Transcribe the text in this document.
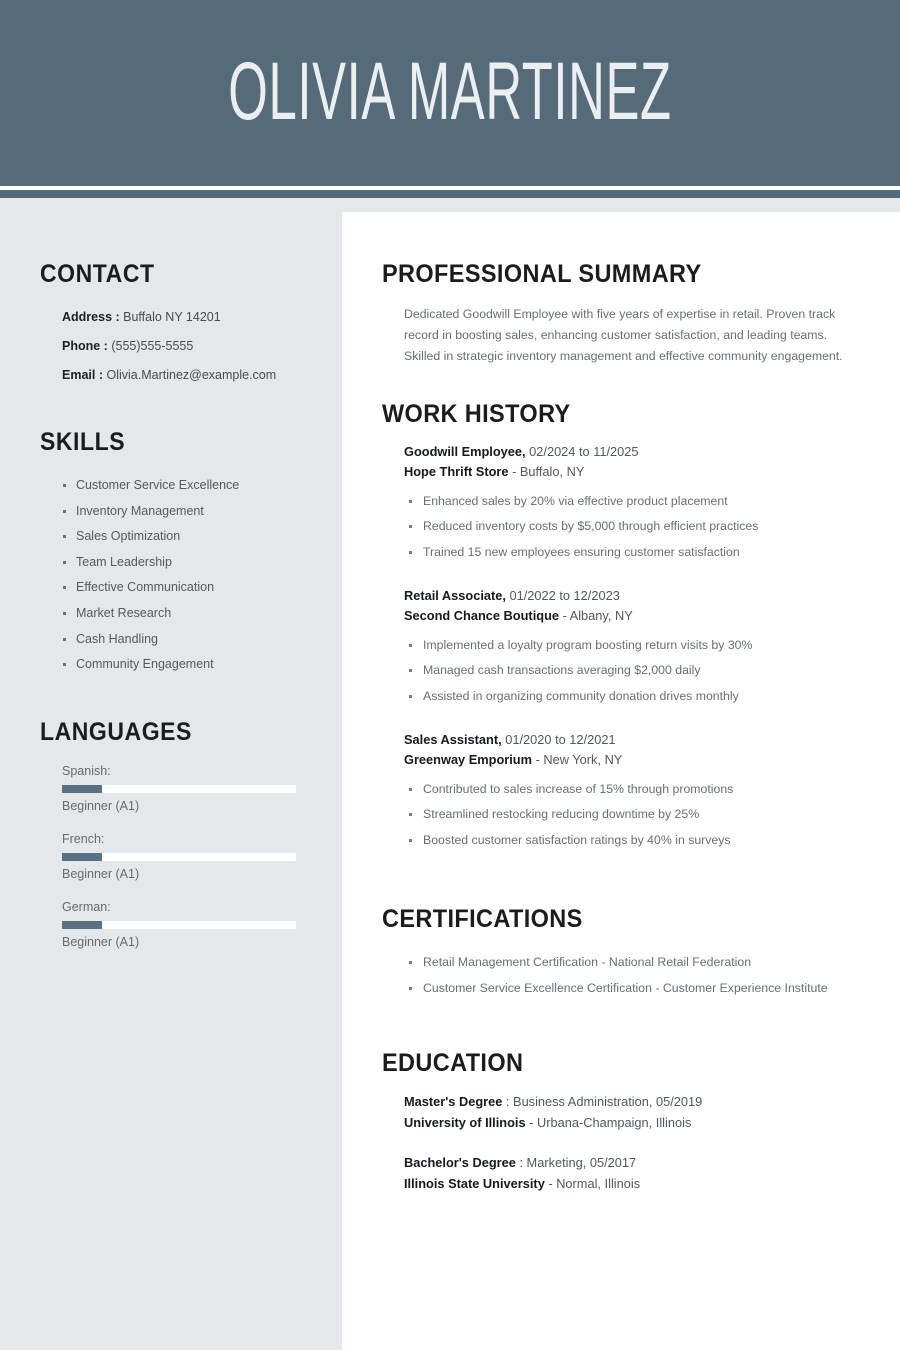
OLIVIA MARTINEZ
CONTACT
Address : Buffalo NY 14201
Phone : (555)555-5555
Email : Olivia.Martinez@example.com
SKILLS
Customer Service Excellence
Inventory Management
Sales Optimization
Team Leadership
Effective Communication
Market Research
Cash Handling
Community Engagement
LANGUAGES
Spanish:
Beginner (A1)
French:
Beginner (A1)
German:
Beginner (A1)
PROFESSIONAL SUMMARY

Dedicated Goodwill Employee with five years of expertise in retail. Proven track record in boosting sales, enhancing customer satisfaction, and leading teams. Skilled in strategic inventory management and effective community engagement.

WORK HISTORY
Goodwill Employee, 02/2024 to 11/2025
Hope Thrift Store - Buffalo, NY
Enhanced sales by 20% via effective product placement
Reduced inventory costs by $5,000 through efficient practices
Trained 15 new employees ensuring customer satisfaction
Retail Associate, 01/2022 to 12/2023
Second Chance Boutique - Albany, NY
Implemented a loyalty program boosting return visits by 30%
Managed cash transactions averaging $2,000 daily
Assisted in organizing community donation drives monthly
Sales Assistant, 01/2020 to 12/2021
Greenway Emporium - New York, NY
Contributed to sales increase of 15% through promotions
Streamlined restocking reducing downtime by 25%
Boosted customer satisfaction ratings by 40% in surveys
CERTIFICATIONS
Retail Management Certification - National Retail Federation
Customer Service Excellence Certification - Customer Experience Institute
EDUCATION
Master's Degree : Business Administration, 05/2019
University of Illinois - Urbana-Champaign, Illinois
Bachelor's Degree : Marketing, 05/2017
Illinois State University - Normal, Illinois
